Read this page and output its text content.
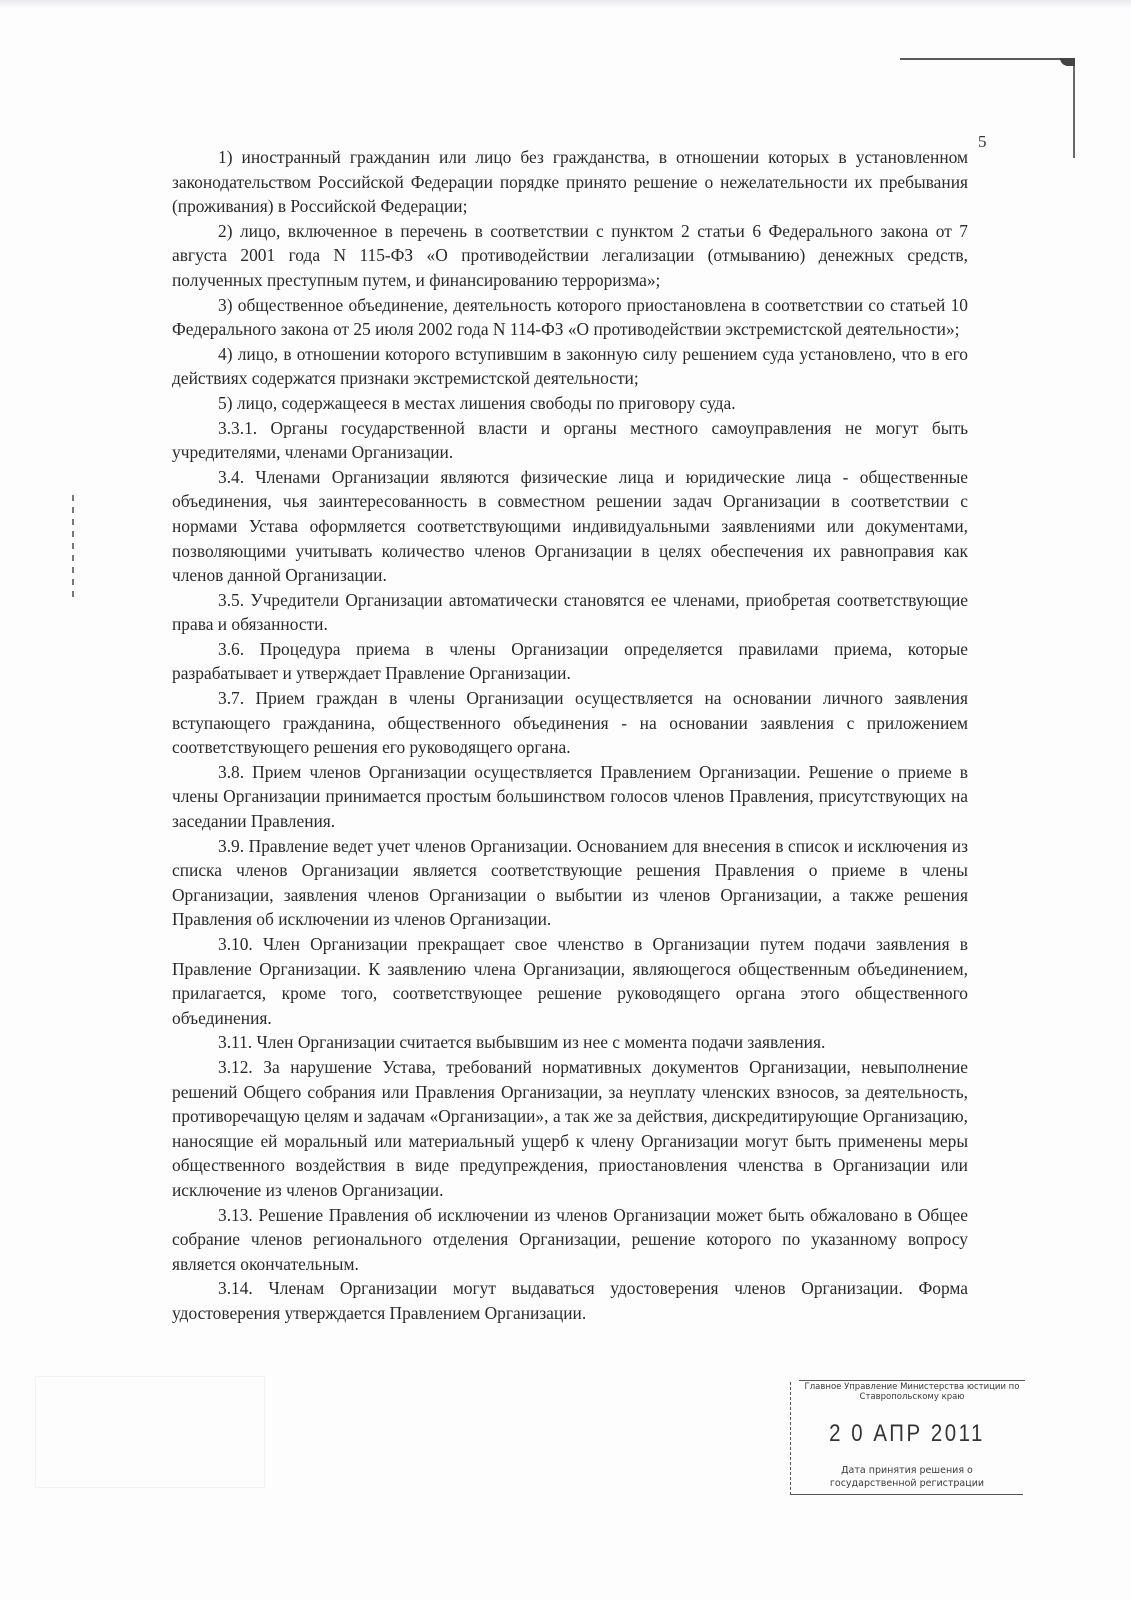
5

1) иностранный гражданин или лицо без гражданства, в отношении которых в установленном законодательством Российской Федерации порядке принято решение о нежелательности их пребывания (проживания) в Российской Федерации;

2) лицо, включенное в перечень в соответствии с пунктом 2 статьи 6 Федерального закона от 7 августа 2001 года N 115-ФЗ «О противодействии легализации (отмыванию) денежных средств, полученных преступным путем, и финансированию терроризма»;

3) общественное объединение, деятельность которого приостановлена в соответствии со статьей 10 Федерального закона от 25 июля 2002 года N 114-ФЗ «О противодействии экстремистской деятельности»;

4) лицо, в отношении которого вступившим в законную силу решением суда установлено, что в его действиях содержатся признаки экстремистской деятельности;

5) лицо, содержащееся в местах лишения свободы по приговору суда.

3.3.1. Органы государственной власти и органы местного самоуправления не могут быть учредителями, членами Организации.

3.4. Членами Организации являются физические лица и юридические лица - общественные объединения, чья заинтересованность в совместном решении задач Организации в соответствии с нормами Устава оформляется соответствующими индивидуальными заявлениями или документами, позволяющими учитывать количество членов Организации в целях обеспечения их равноправия как членов данной Организации.

3.5. Учредители Организации автоматически становятся ее членами, приобретая соответствующие права и обязанности.

3.6. Процедура приема в члены Организации определяется правилами приема, которые разрабатывает и утверждает Правление Организации.

3.7. Прием граждан в члены Организации осуществляется на основании личного заявления вступающего гражданина, общественного объединения - на основании заявления с приложением соответствующего решения его руководящего органа.

3.8. Прием членов Организации осуществляется Правлением Организации. Решение о приеме в члены Организации принимается простым большинством голосов членов Правления, присутствующих на заседании Правления.

3.9. Правление ведет учет членов Организации. Основанием для внесения в список и исключения из списка членов Организации является соответствующие решения Правления о приеме в члены Организации, заявления членов Организации о выбытии из членов Организации, а также решения Правления об исключении из членов Организации.

3.10. Член Организации прекращает свое членство в Организации путем подачи заявления в Правление Организации. К заявлению члена Организации, являющегося общественным объединением, прилагается, кроме того, соответствующее решение руководящего органа этого общественного объединения.

3.11. Член Организации считается выбывшим из нее с момента подачи заявления.

3.12. За нарушение Устава, требований нормативных документов Организации, невыполнение решений Общего собрания или Правления Организации, за неуплату членских взносов, за деятельность, противоречащую целям и задачам «Организации», а так же за действия, дискредитирующие Организацию, наносящие ей моральный или материальный ущерб к члену Организации могут быть применены меры общественного воздействия в виде предупреждения, приостановления членства в Организации или исключение из членов Организации.

3.13. Решение Правления об исключении из членов Организации может быть обжаловано в Общее собрание членов регионального отделения Организации, решение которого по указанному вопросу является окончательным.

3.14. Членам Организации могут выдаваться удостоверения членов Организации. Форма удостоверения утверждается Правлением Организации.

Главное Управление Министерства юстиции по Ставропольскому краю
2 0 АПР 2011
Дата принятия решения о
государственной регистрации
